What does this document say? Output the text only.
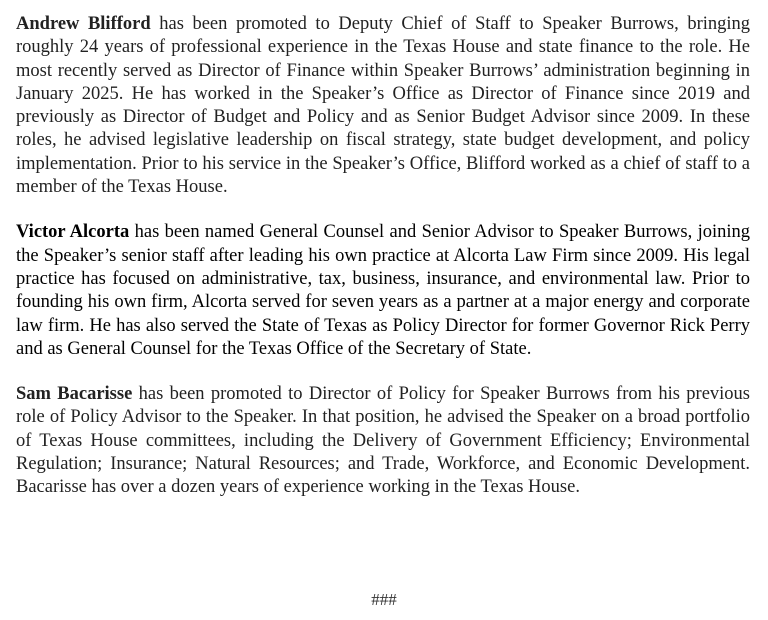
Andrew Blifford has been promoted to Deputy Chief of Staff to Speaker Burrows, bringing roughly 24 years of professional experience in the Texas House and state finance to the role. He most recently served as Director of Finance within Speaker Burrows’ administration beginning in January 2025. He has worked in the Speaker’s Office as Director of Finance since 2019 and previously as Director of Budget and Policy and as Senior Budget Advisor since 2009. In these roles, he advised legislative leadership on fiscal strategy, state budget development, and policy implementation. Prior to his service in the Speaker’s Office, Blifford worked as a chief of staff to a member of the Texas House.

Victor Alcorta has been named General Counsel and Senior Advisor to Speaker Burrows, joining the Speaker’s senior staff after leading his own practice at Alcorta Law Firm since 2009. His legal practice has focused on administrative, tax, business, insurance, and environmental law. Prior to founding his own firm, Alcorta served for seven years as a partner at a major energy and corporate law firm. He has also served the State of Texas as Policy Director for former Governor Rick Perry and as General Counsel for the Texas Office of the Secretary of State.

Sam Bacarisse has been promoted to Director of Policy for Speaker Burrows from his previous role of Policy Advisor to the Speaker. In that position, he advised the Speaker on a broad portfolio of Texas House committees, including the Delivery of Government Efficiency; Environmental Regulation; Insurance; Natural Resources; and Trade, Workforce, and Economic Development. Bacarisse has over a dozen years of experience working in the Texas House.

###
